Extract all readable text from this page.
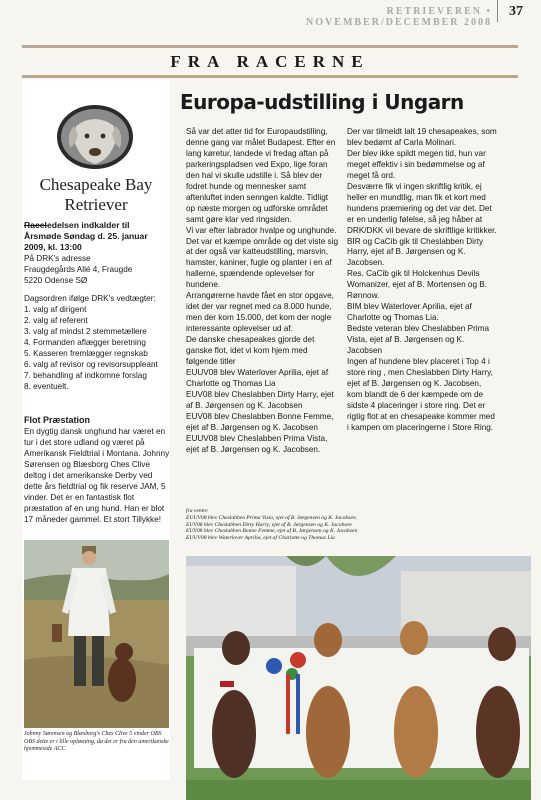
RETRIEVEREN • NOVEMBER/DECEMBER 2008
37
FRA RACERNE
Chesapeake Bay
Retriever

Raceledelsen indkalder til

Årsmøde Søndag d. 25. januar 2009, kl. 13:00

På DRK's adresse

Fraugdegårds Allé 4, Fraugde

5220 Odense SØ

Dagsordren ifølge DRK's vedtægter:

1. valg af dirigent

2. valg af referent

3. valg af mindst 2 stemmetællere

4. Formanden aflægger beretning

5. Kasseren fremlægger regnskab

6. valg af revisor og revisorsuppleant

7. behandling af indkomne forslag

8. eventuelt.

Flot Præstation

En dygtig dansk unghund har været en tur i det store udland og været på Amerikansk Fieldtrial i Montana. Johnny Sørensen og Blæsborg Ches Clive deltog i det amerikanske Derby ved dette års fieldtrial og fik reserve JAM, 5 vinder. Det er en fantastisk flot præstation af en ung hund. Han er blot 17 måneder gammel. Et stort Tillykke!

Johnny Sørensen og Blæsborg's Ches Clive 5 vinder OBS OBS dette er i lille opløsning, da det er fra den amerikanske hjemmeside ACC
Europa-udstilling i Ungarn

Så var det atter tid for Europaudstilling, denne gang var målet Budapest. Efter en lang køretur, landede vi fredag aftan på parkeringspladsen ved Expo, lige foran den hal vi skulle udstille i. Så blev der fodret hunde og mennesker samt aftenluftet inden senngen kaldte. Tidligt op næste morgen og udforske området samt gøre klar ved ringsiden.

Vi var efter labrador hvalpe og unghunde. Det var et kæmpe område og det viste sig at der også var katteudstilling, marsvin, hamster, kaniner, fugle og planter i en af hallerne, spændende oplevelser for hundene.

Arrangørerne havde fået en stor opgave, idet der var regnet med ca 8.000 hunde, men der kom 15.000, det kom der nogle interessante oplevelser ud af.

De danske chesapeakes gjorde det ganske flot, idet vi kom hjem med følgende titler

EUUV08 blev Waterlover Aprilia, ejet af Charlotte og Thomas Lia

EUV08 blev Cheslabben Dirty Harry, ejet af B. Jørgensen og K. Jacobsen

EUV08 blev Cheslabben Bonne Femme, ejet af B. Jørgensen og K. Jacobsen

EUUV08 blev Cheslabben Prima Vista, ejet af B. Jørgensen og K. Jacobsen.

Der var tilmeldt lalt 19 chesapeakes, som blev bedømt af Carla Molinari.

Der blev ikke spildt megen tid, hun var meget effektiv i sin bedømmelse og af meget få ord.

Desværre fik vi ingen skriftlig kritik, ej heller en mundtlig, man fik et kort med hundens præmiering og det var det. Det er en underlig følelse, så jeg håber at DRK/DKK vil bevare de skriftlige kritikker.

BIR og CaCib gik til Cheslabben Dirty Harry, ejet af B. Jørgensen og K. Jacobsen.

Res. CaCib gik til Holckenhus Devils Womanizer, ejet af B. Mortensen og B. Rønnow.

BIM blev Waterlover Aprilia, ejet af Charlotte og Thomas Lia.

Bedste veteran blev Cheslabben Prima Vista, ejet af B. Jørgensen og K. Jacobsen

Ingen af hundene blev placeret i Top 4 i store ring , men Cheslabben Dirty Harry, ejet af B. Jørgensen og K. Jacobsen, kom blandt de 6 der kæmpede om de sidste 4 placeringer i store ring. Det er rigtig flot at en chesapeake kommer med i kampen om placeringerne i Store Ring.

fra ventre
EUUV08 blev Cheslabben Prima Vista, ejet af B. Jørgensen og K. Jacobsen.
EUV08 blev Cheslabben Dirty Harry, ejet af B. Jørgensen og K. Jacobsen
EUV08 blev Cheslabben Bonne Femme, ejet af B. Jørgensen og K. Jacobsen
EUUV08 blev Waterlover Aprilia, ejet af Charlotte og Thomas Lia
